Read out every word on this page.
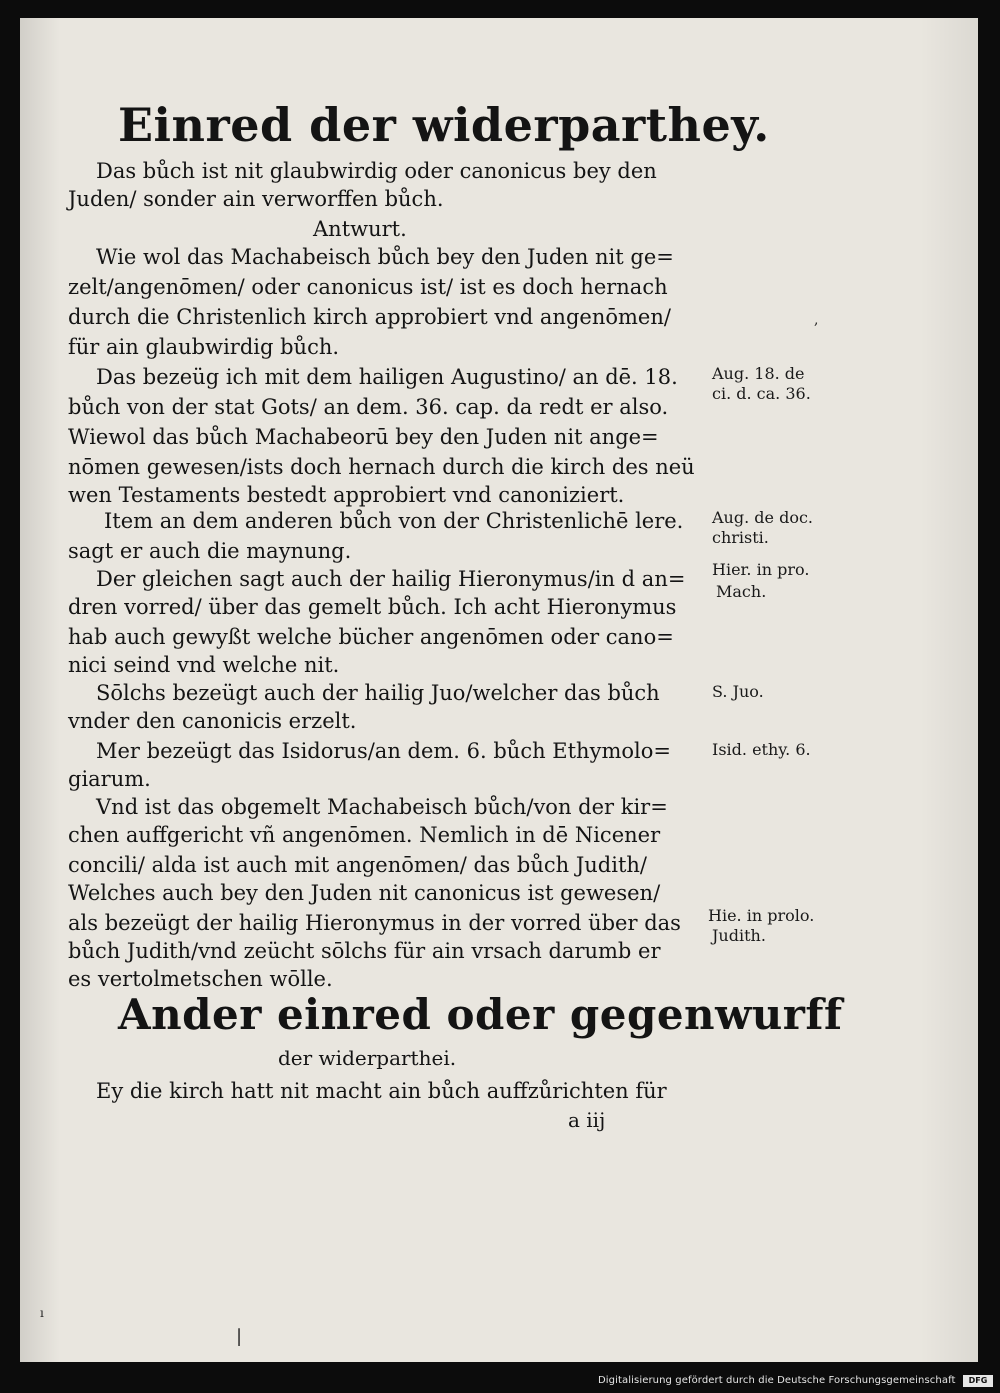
Einred der widerparthey.
Das bůch ist nit glaubwirdig oder canonicus bey den
Juden/ sonder ain verworffen bůch.
Antwurt.
Wie wol das Machabeisch bůch bey den Juden nit ge=
zelt/angenōmen/ oder canonicus ist/ ist es doch hernach
durch die Christenlich kirch approbiert vnd angenōmen/
für ain glaubwirdig bůch.
Das bezeüg ich mit dem hailigen Augustino/ an dē. 18.
bůch von der stat Gots/ an dem. 36. cap. da redt er also.
Wiewol das bůch Machabeorū bey den Juden nit ange=
nōmen gewesen/ists doch hernach durch die kirch des neü
wen Testaments bestedt approbiert vnd canoniziert.
Item an dem anderen bůch von der Christenlichē lere.
sagt er auch die maynung.
Der gleichen sagt auch der hailig Hieronymus/in d an=
dren vorred/ über das gemelt bůch. Ich acht Hieronymus
hab auch gewyßt welche bücher angenōmen oder cano=
nici seind vnd welche nit.
Sōlchs bezeügt auch der hailig Juo/welcher das bůch
vnder den canonicis erzelt.
Mer bezeügt das Isidorus/an dem. 6. bůch Ethymolo=
giarum.
Vnd ist das obgemelt Machabeisch bůch/von der kir=
chen auffgericht vñ angenōmen. Nemlich in dē Nicener
concili/ alda ist auch mit angenōmen/ das bůch Judith/
Welches auch bey den Juden nit canonicus ist gewesen/
als bezeügt der hailig Hieronymus in der vorred über das
bůch Judith/vnd zeücht sōlchs für ain vrsach darumb er
es vertolmetschen wōlle.
Ander einred oder gegenwurff
der widerparthei.
Ey die kirch hatt nit macht ain bůch auffzůrichten für
a iij
Aug. 18. de
ci. d. ca. 36.
Aug. de doc.
christi.
Hier. in pro.
Mach.
S. Juo.
Isid. ethy. 6.
Hie. in prolo.
Judith.
,
|
ı
Digitalisierung gefördert durch die Deutsche Forschungsgemeinschaft	DFG
